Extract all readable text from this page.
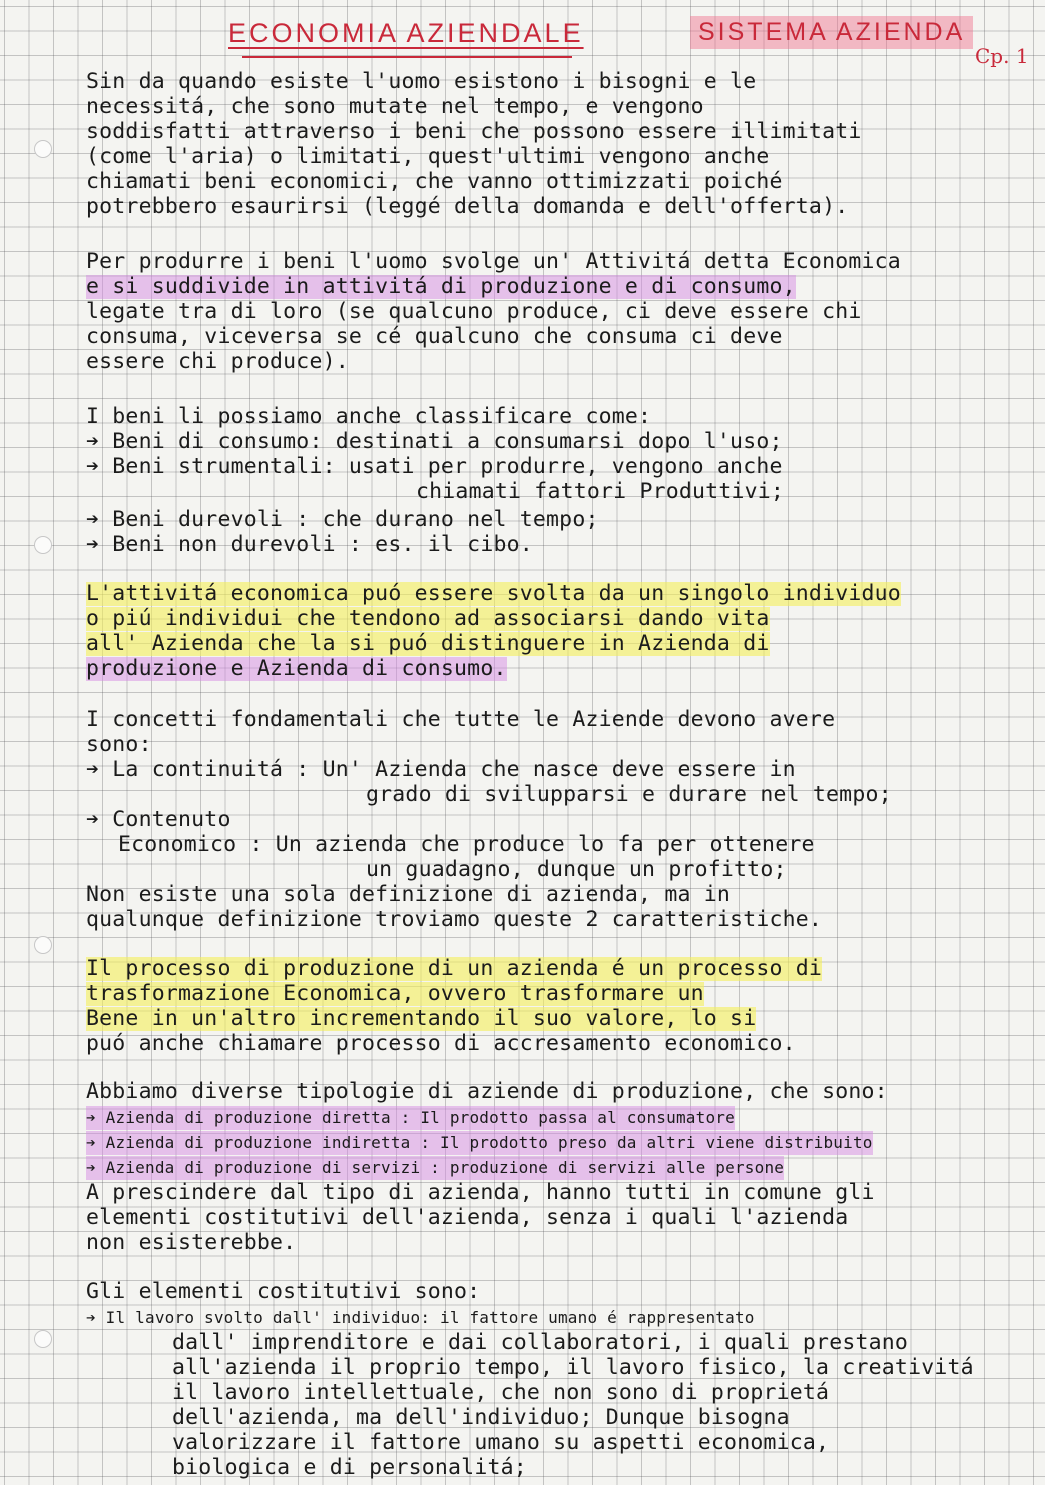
ECONOMIA AZIENDALE	SISTEMA AZIENDA
Cp. 1
Sin da quando esiste l'uomo esistono i bisogni e le
necessitá, che sono mutate nel tempo, e vengono
soddisfatti attraverso i beni che possono essere illimitati
(come l'aria) o limitati, quest'ultimi vengono anche
chiamati beni economici, che vanno ottimizzati poiché
potrebbero esaurirsi (leggé della domanda e dell'offerta).
Per produrre i beni l'uomo svolge un' Attivitá detta Economica
e si suddivide in attivitá di produzione e di consumo,
legate tra di loro (se qualcuno produce, ci deve essere chi
consuma, viceversa se cé qualcuno che consuma ci deve
essere chi produce).
I beni li possiamo anche classificare come:
➔ Beni di consumo: destinati a consumarsi dopo l'uso;
➔ Beni strumentali: usati per produrre, vengono anche
chiamati fattori Produttivi;
➔ Beni durevoli : che durano nel tempo;
➔ Beni non durevoli : es. il cibo.
L'attivitá economica puó essere svolta da un singolo individuo
o piú individui che tendono ad associarsi dando vita
all' Azienda che la si puó distinguere in Azienda di
produzione e Azienda di consumo.
I concetti fondamentali che tutte le Aziende devono avere
sono:
➔ La continuitá : Un' Azienda che nasce deve essere in
grado di svilupparsi e durare nel tempo;
➔ Contenuto
Economico : Un azienda che produce lo fa per ottenere
un guadagno, dunque un profitto;
Non esiste una sola definizione di azienda, ma in
qualunque definizione troviamo queste 2 caratteristiche.
Il processo di produzione di un azienda é un processo di
trasformazione Economica, ovvero trasformare un
Bene in un'altro incrementando il suo valore, lo si
puó anche chiamare processo di accresamento economico.
Abbiamo diverse tipologie di aziende di produzione, che sono:
➔ Azienda di produzione diretta : Il prodotto passa al consumatore
➔ Azienda di produzione indiretta : Il prodotto preso da altri viene distribuito
➔ Azienda di produzione di servizi : produzione di servizi alle persone
A prescindere dal tipo di azienda, hanno tutti in comune gli
elementi costitutivi dell'azienda, senza i quali l'azienda
non esisterebbe.
Gli elementi costitutivi sono:
➔ Il lavoro svolto dall' individuo: il fattore umano é rappresentato
dall' imprenditore e dai collaboratori, i quali prestano
all'azienda il proprio tempo, il lavoro fisico, la creativitá
il lavoro intellettuale, che non sono di proprietá
dell'azienda, ma dell'individuo; Dunque bisogna
valorizzare il fattore umano su aspetti economica,
biologica e di personalitá;
